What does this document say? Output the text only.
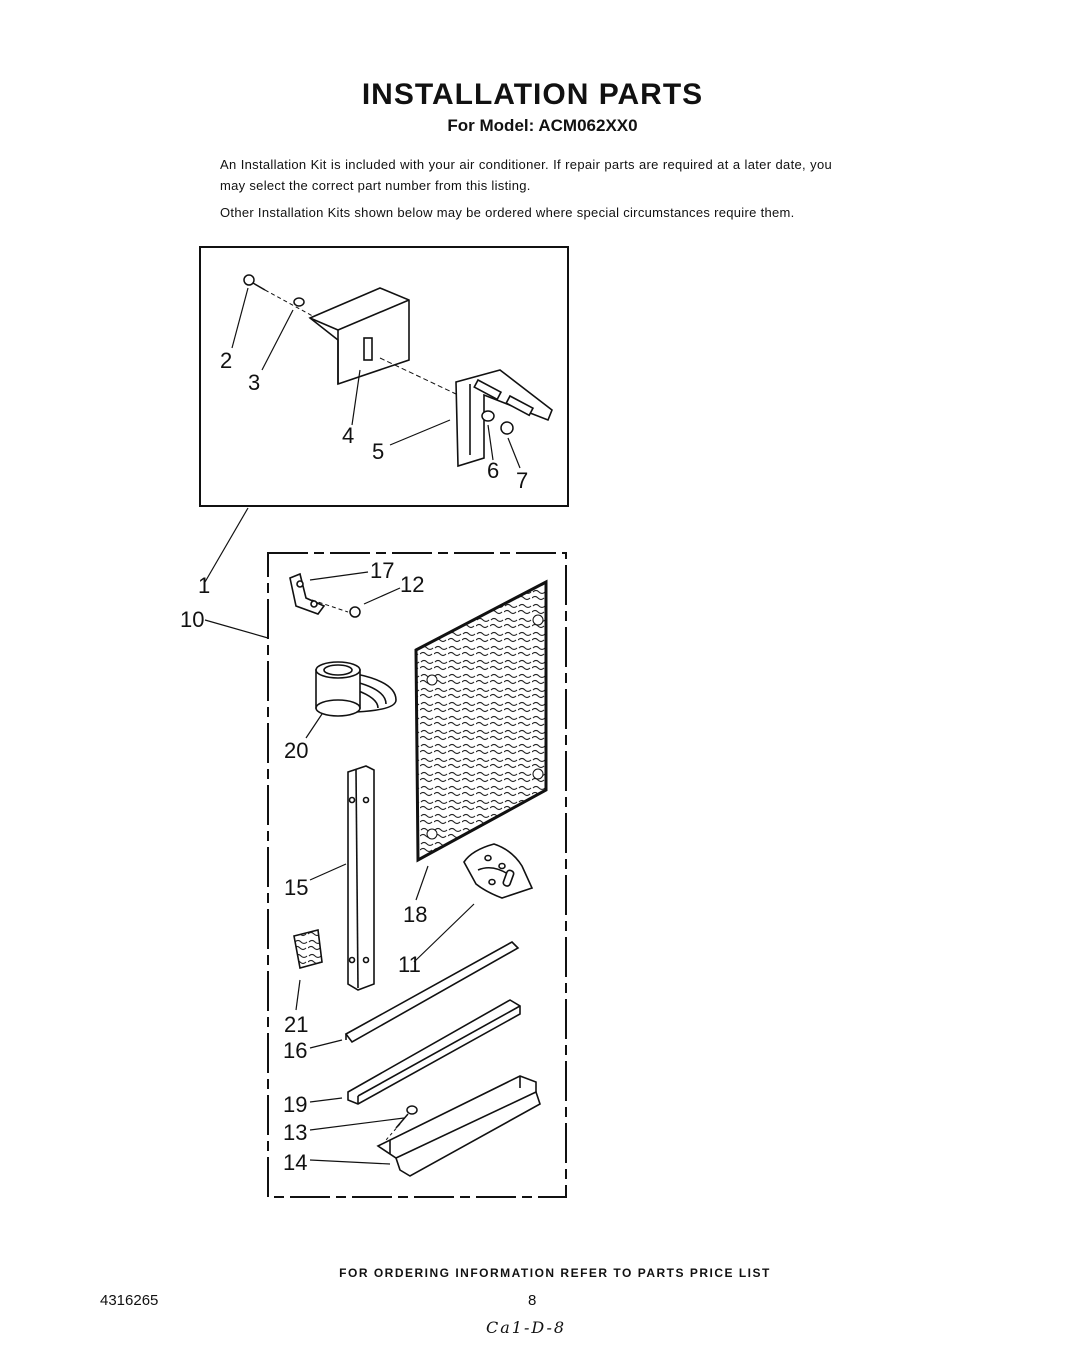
INSTALLATION PARTS
For Model: ACM062XX0
An Installation Kit is included with your air conditioner. If repair parts are required at a later date, you may select the correct part number from this listing.
Other Installation Kits shown below may be ordered where special circumstances require them.
1
2
3
4
5
6 7
10
11
12
13
14
15
16
17
18
19
20
21
FOR ORDERING INFORMATION REFER TO PARTS PRICE LIST
4316265	8
Ca1-D-8
